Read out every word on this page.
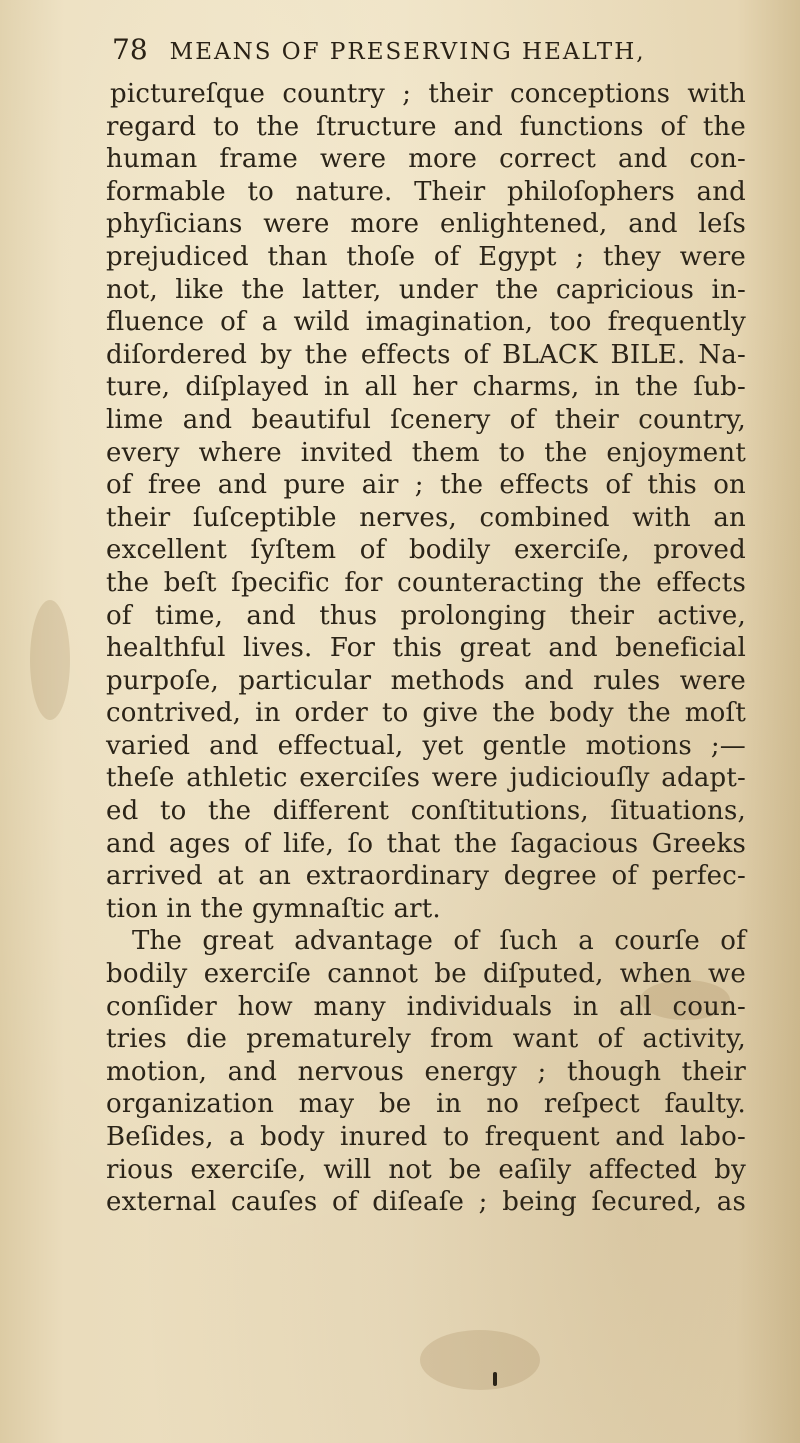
78 MEANS OF PRESERVING HEALTH,
pictureſque country ; their conceptions with
regard to the ſtructure and functions of the
human frame were more correct and con-
formable to nature. Their philoſophers and
phyſicians were more enlightened, and leſs
prejudiced than thoſe of Egypt ; they were
not, like the latter, under the capricious in-
fluence of a wild imagination, too frequently
diſordered by the effects of BLACK BILE. Na-
ture, diſplayed in all her charms, in the ſub-
lime and beautiful ſcenery of their country,
every where invited them to the enjoyment
of free and pure air ; the effects of this on
their ſuſceptible nerves, combined with an
excellent ſyſtem of bodily exerciſe, proved
the beſt ſpecific for counteracting the effects
of time, and thus prolonging their active,
healthful lives. For this great and beneficial
purpoſe, particular methods and rules were
contrived, in order to give the body the moſt
varied and effectual, yet gentle motions ;—
theſe athletic exerciſes were judiciouſly adapt-
ed to the different conſtitutions, ſituations,
and ages of life, ſo that the ſagacious Greeks
arrived at an extraordinary degree of perfec-
tion in the gymnaſtic art.
The great advantage of ſuch a courſe of
bodily exerciſe cannot be diſputed, when we
conſider how many individuals in all coun-
tries die prematurely from want of activity,
motion, and nervous energy ; though their
organization may be in no reſpect faulty.
Beſides, a body inured to frequent and labo-
rious exerciſe, will not be eaſily affected by
external cauſes of diſeaſe ; being ſecured, as
